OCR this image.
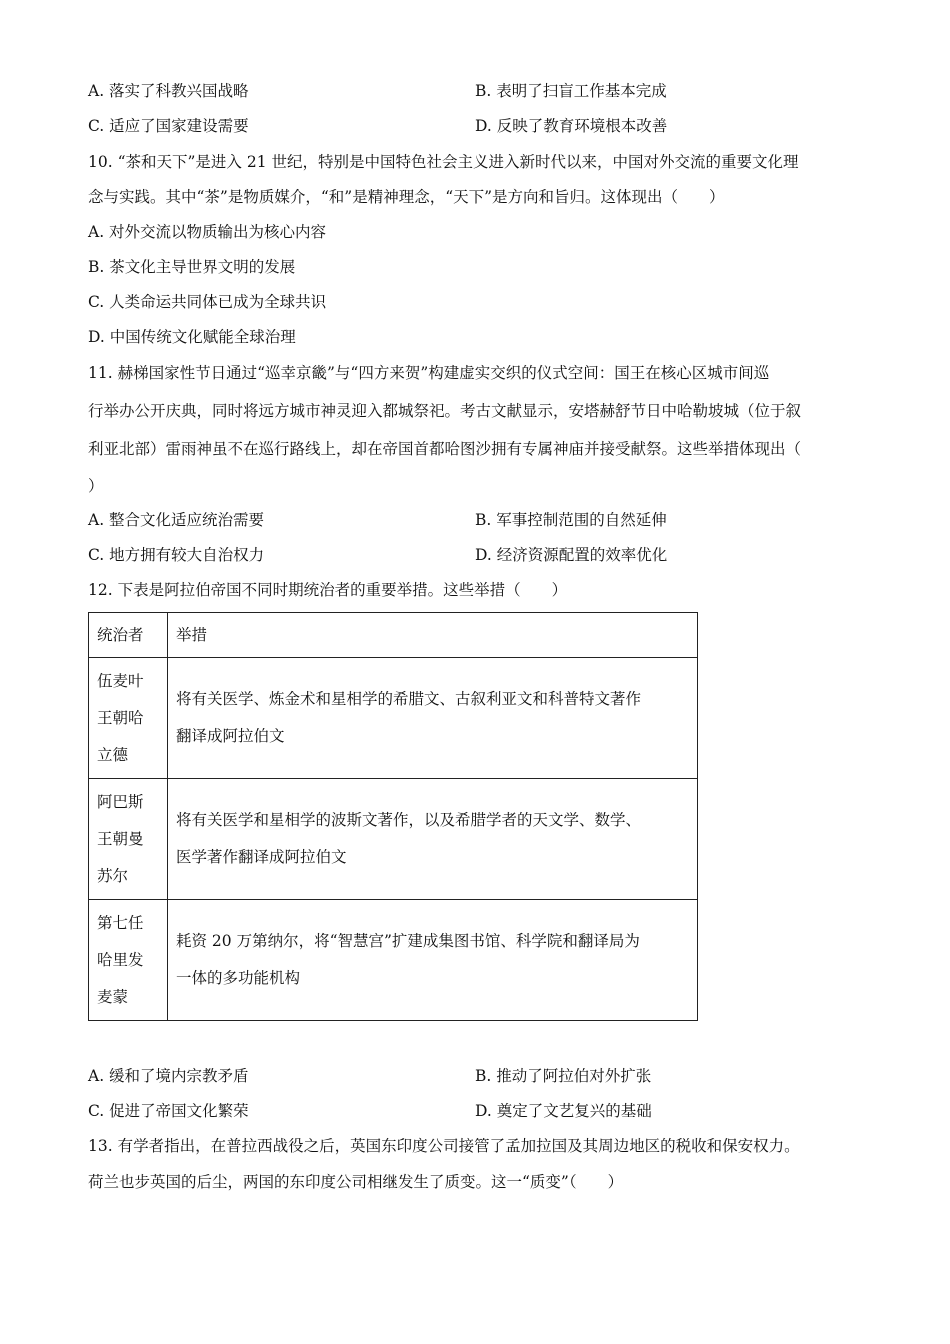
A. 落实了科教兴国战略	B. 表明了扫盲工作基本完成
C. 适应了国家建设需要	D. 反映了教育环境根本改善
10. “茶和天下”是进入 21 世纪，特别是中国特色社会主义进入新时代以来，中国对外交流的重要文化理
念与实践。其中“茶”是物质媒介，“和”是精神理念，“天下”是方向和旨归。这体现出（　　）
A. 对外交流以物质输出为核心内容
B. 茶文化主导世界文明的发展
C. 人类命运共同体已成为全球共识
D. 中国传统文化赋能全球治理
11. 赫梯国家性节日通过“巡幸京畿”与“四方来贺”构建虚实交织的仪式空间：国王在核心区城市间巡
行举办公开庆典，同时将远方城市神灵迎入都城祭祀。考古文献显示，安塔赫舒节日中哈勒坡城（位于叙
利亚北部）雷雨神虽不在巡行路线上，却在帝国首都哈图沙拥有专属神庙并接受献祭。这些举措体现出（
）
A. 整合文化适应统治需要	B. 军事控制范围的自然延伸
C. 地方拥有较大自治权力	D. 经济资源配置的效率优化
12. 下表是阿拉伯帝国不同时期统治者的重要举措。这些举措（　　）
统治者	举措

伍麦叶王朝哈立德	将有关医学、炼金术和星相学的希腊文、古叙利亚文和科普特文著作
翻译成阿拉伯文

阿巴斯王朝曼苏尔	将有关医学和星相学的波斯文著作，以及希腊学者的天文学、数学、
医学著作翻译成阿拉伯文

第七任哈里发麦蒙	耗资 20 万第纳尔，将“智慧宫”扩建成集图书馆、科学院和翻译局为
一体的多功能机构
A. 缓和了境内宗教矛盾	B. 推动了阿拉伯对外扩张
C. 促进了帝国文化繁荣	D. 奠定了文艺复兴的基础
13. 有学者指出，在普拉西战役之后，英国东印度公司接管了孟加拉国及其周边地区的税收和保安权力。
荷兰也步英国的后尘，两国的东印度公司相继发生了质变。这一“质变”（　　）
